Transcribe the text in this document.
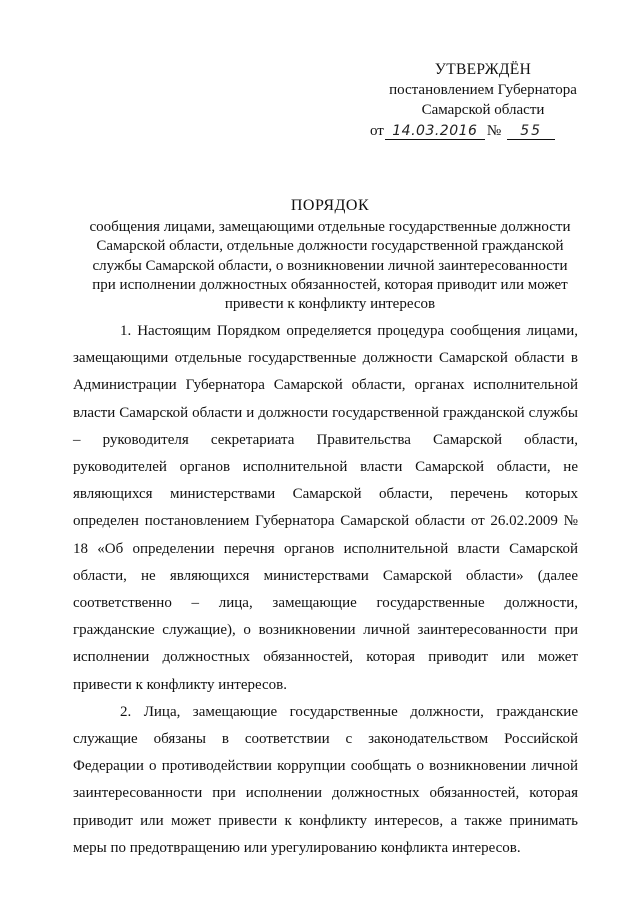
УТВЕРЖДЁН
постановлением Губернатора
Самарской области
от 14.03.2016 №	55
ПОРЯДОК
сообщения лицами, замещающими отдельные государственные должности
Самарской области, отдельные должности государственной гражданской
службы Самарской области, о возникновении личной заинтересованности
при исполнении должностных обязанностей, которая приводит или может
привести к конфликту интересов

1. Настоящим Порядком определяется процедура сообщения лицами, замещающими отдельные государственные должности Самарской области в Администрации Губернатора Самарской области, органах исполнительной власти Самарской области и должности государственной гражданской службы – руководителя секретариата Правительства Самарской области, руководителей органов исполнительной власти Самарской области, не являющихся министерствами Самарской области, перечень которых определен постановлением Губернатора Самарской области от 26.02.2009 № 18 «Об определении перечня органов исполнительной власти Самарской области, не являющихся министерствами Самарской области» (далее соответственно – лица, замещающие государственные должности, гражданские служащие), о возникновении личной заинтересованности при исполнении должностных обязанностей, которая приводит или может привести к конфликту интересов.

2. Лица, замещающие государственные должности, гражданские служащие обязаны в соответствии с законодательством Российской Федерации о противодействии коррупции сообщать о возникновении личной заинтересованности при исполнении должностных обязанностей, которая приводит или может привести к конфликту интересов, а также принимать меры по предотвращению или урегулированию конфликта интересов.
